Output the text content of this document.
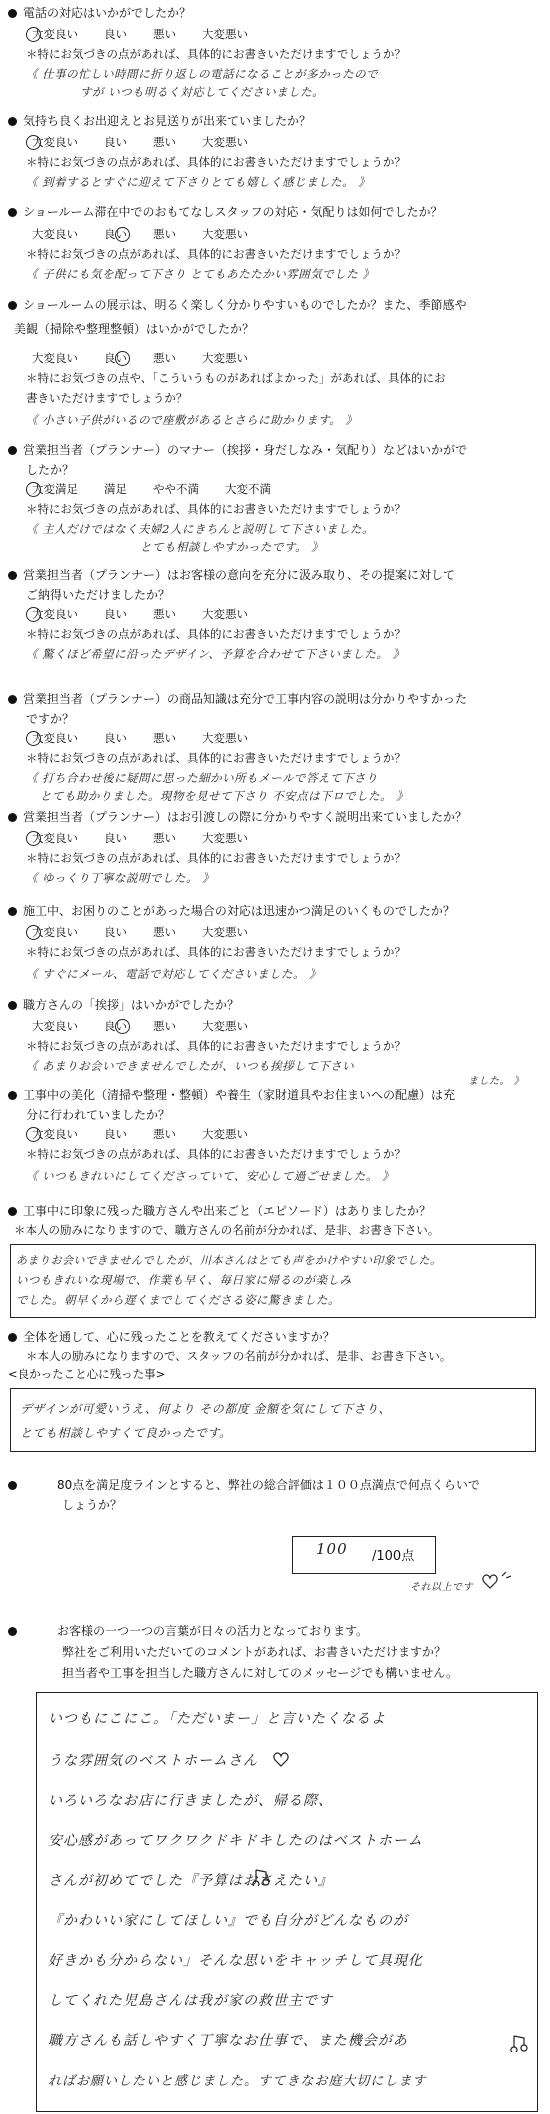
電話の対応はいかがでしたか？
大変良い 良い 悪い 大変悪い
＊特にお気づきの点があれば、具体的にお書きいただけますでしょうか？
《 仕事の忙しい時間に折り返しの電話になることが多かったので
すが いつも明るく対応してくださいました。
気持ち良くお出迎えとお見送りが出来ていましたか？
大変良い 良い 悪い 大変悪い
＊特にお気づきの点があれば、具体的にお書きいただけますでしょうか？
《 到着するとすぐに迎えて下さりとても嬉しく感じました。 》
ショールーム滞在中でのおもてなしスタッフの対応・気配りは如何でしたか？
大変良い 良い 悪い 大変悪い
＊特にお気づきの点があれば、具体的にお書きいただけますでしょうか？
《 子供にも気を配って下さり とてもあたたかい雰囲気でした 》
ショールームの展示は、明るく楽しく分かりやすいものでしたか？また、季節感や
美観（掃除や整理整頓）はいかがでしたか？
大変良い 良い 悪い 大変悪い
＊特にお気づきの点や、「こういうものがあればよかった」があれば、具体的にお
書きいただけますでしょうか？
《 小さい子供がいるので座敷があるとさらに助かります。 》
営業担当者（プランナー）のマナー（挨拶・身だしなみ・気配り）などはいかがで
したか？
大変満足 満足 やや不満 大変不満
＊特にお気づきの点があれば、具体的にお書きいただけますでしょうか？
《 主人だけではなく夫婦2人にきちんと説明して下さいました。
とても相談しやすかったです。 》
営業担当者（プランナー）はお客様の意向を充分に汲み取り、その提案に対して
ご納得いただけましたか？
大変良い 良い 悪い 大変悪い
＊特にお気づきの点があれば、具体的にお書きいただけますでしょうか？
《 驚くほど希望に沿ったデザイン、予算を合わせて下さいました。 》
営業担当者（プランナー）の商品知識は充分で工事内容の説明は分かりやすかった
ですか？
大変良い 良い 悪い 大変悪い
＊特にお気づきの点があれば、具体的にお書きいただけますでしょうか？
《 打ち合わせ後に疑問に思った細かい所もメールで答えて下さり
とても助かりました。現物を見せて下さり 不安点は下ロでした。 》
営業担当者（プランナー）はお引渡しの際に分かりやすく説明出来ていましたか？
大変良い 良い 悪い 大変悪い
＊特にお気づきの点があれば、具体的にお書きいただけますでしょうか？
《 ゆっくり丁寧な説明でした。 》
施工中、お困りのことがあった場合の対応は迅速かつ満足のいくものでしたか？
大変良い 良い 悪い 大変悪い
＊特にお気づきの点があれば、具体的にお書きいただけますでしょうか？
《 すぐにメール、電話で対応してくださいました。 》
職方さんの「挨拶」はいかがでしたか？
大変良い 良い 悪い 大変悪い
＊特にお気づきの点があれば、具体的にお書きいただけますでしょうか？
《 あまりお会いできませんでしたが、いつも挨拶して下さい
ました。 》
工事中の美化（清掃や整理・整頓）や養生（家財道具やお住まいへの配慮）は充
分に行われていましたか？
大変良い 良い 悪い 大変悪い
＊特にお気づきの点があれば、具体的にお書きいただけますでしょうか？
《 いつもきれいにしてくださっていて、安心して過ごせました。 》
工事中に印象に残った職方さんや出来ごと（エピソード）はありましたか？
＊本人の励みになりますので、職方さんの名前が分かれば、是非、お書き下さい。
あまりお会いできませんでしたが、川本さんはとても声をかけやすい印象でした。
いつもきれいな現場で、作業も早く、毎日家に帰るのが楽しみ
でした。朝早くから遅くまでしてくださる姿に驚きました。
全体を通して、心に残ったことを教えてくださいますか？
＊本人の励みになりますので、スタッフの名前が分かれば、是非、お書き下さい。
<良かったこと心に残った事>
デザインが可愛いうえ、何より その都度 金額を気にして下さり、
とても相談しやすくて良かったです。
80点を満足度ラインとすると、弊社の総合評価は１００点満点で何点くらいで
しょうか？
100 /100点
それ以上です
お客様の一つ一つの言葉が日々の活力となっております。
弊社をご利用いただいてのコメントがあれば、お書きいただけますか？
担当者や工事を担当した職方さんに対してのメッセージでも構いません。
いつもにこにこ。「ただいまー」と言いたくなるよ
うな雰囲気のベストホームさん
いろいろなお店に行きましたが、帰る際、
安心感があってワクワクドキドキしたのはベストホーム
さんが初めてでした『予算はおさえたい』
『かわいい家にしてほしい』でも自分がどんなものが
好きかも分からない」そんな思いをキャッチして具現化
してくれた児島さんは我が家の救世主です
職方さんも話しやすく丁寧なお仕事で、また機会があ
ればお願いしたいと感じました。すてきなお庭大切にします
